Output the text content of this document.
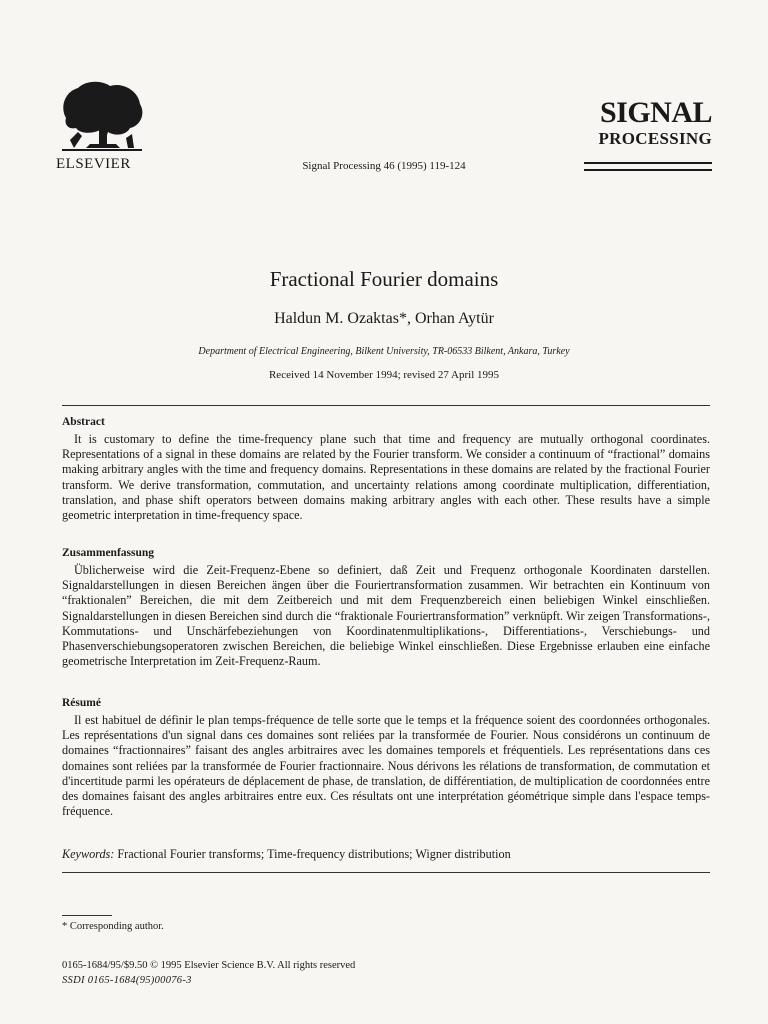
ELSEVIER	Signal Processing 46 (1995) 119-124
SIGNAL
PROCESSING
Fractional Fourier domains
Haldun M. Ozaktas*, Orhan Aytür
Department of Electrical Engineering, Bilkent University, TR-06533 Bilkent, Ankara, Turkey
Received 14 November 1994; revised 27 April 1995
Abstract

It is customary to define the time-frequency plane such that time and frequency are mutually orthogonal coordinates. Representations of a signal in these domains are related by the Fourier transform. We consider a continuum of “fractional” domains making arbitrary angles with the time and frequency domains. Representations in these domains are related by the fractional Fourier transform. We derive transformation, commutation, and uncertainty relations among coordinate multiplication, differentiation, translation, and phase shift operators between domains making arbitrary angles with each other. These results have a simple geometric interpretation in time-frequency space.

Zusammenfassung

Üblicherweise wird die Zeit-Frequenz-Ebene so definiert, daß Zeit und Frequenz orthogonale Koordinaten darstellen. Signaldarstellungen in diesen Bereichen ängen über die Fouriertransformation zusammen. Wir betrachten ein Kontinuum von “fraktionalen” Bereichen, die mit dem Zeitbereich und mit dem Frequenzbereich einen beliebigen Winkel einschließen. Signaldarstellungen in diesen Bereichen sind durch die “fraktionale Fouriertransformation” verknüpft. Wir zeigen Transformations-, Kommutations- und Unschärfebeziehungen von Koordinatenmultiplikations-, Differentiations-, Verschiebungs- und Phasenverschiebungsoperatoren zwischen Bereichen, die beliebige Winkel einschließen. Diese Ergebnisse erlauben eine einfache geometrische Interpretation im Zeit-Frequenz-Raum.

Résumé

Il est habituel de définir le plan temps-fréquence de telle sorte que le temps et la fréquence soient des coordonnées orthogonales. Les représentations d'un signal dans ces domaines sont reliées par la transformée de Fourier. Nous considérons un continuum de domaines “fractionnaires” faisant des angles arbitraires avec les domaines temporels et fréquentiels. Les représentations dans ces domaines sont reliées par la transformée de Fourier fractionnaire. Nous dérivons les rélations de transformation, de commutation et d'incertitude parmi les opérateurs de déplacement de phase, de translation, de différentiation, de multiplication de coordonnées entre des domaines faisant des angles arbitraires entre eux. Ces résultats ont une interprétation géométrique simple dans l'espace temps-fréquence.

Keywords: Fractional Fourier transforms; Time-frequency distributions; Wigner distribution
* Corresponding author.
0165-1684/95/$9.50 © 1995 Elsevier Science B.V. All rights reserved
SSDI 0165-1684(95)00076-3
